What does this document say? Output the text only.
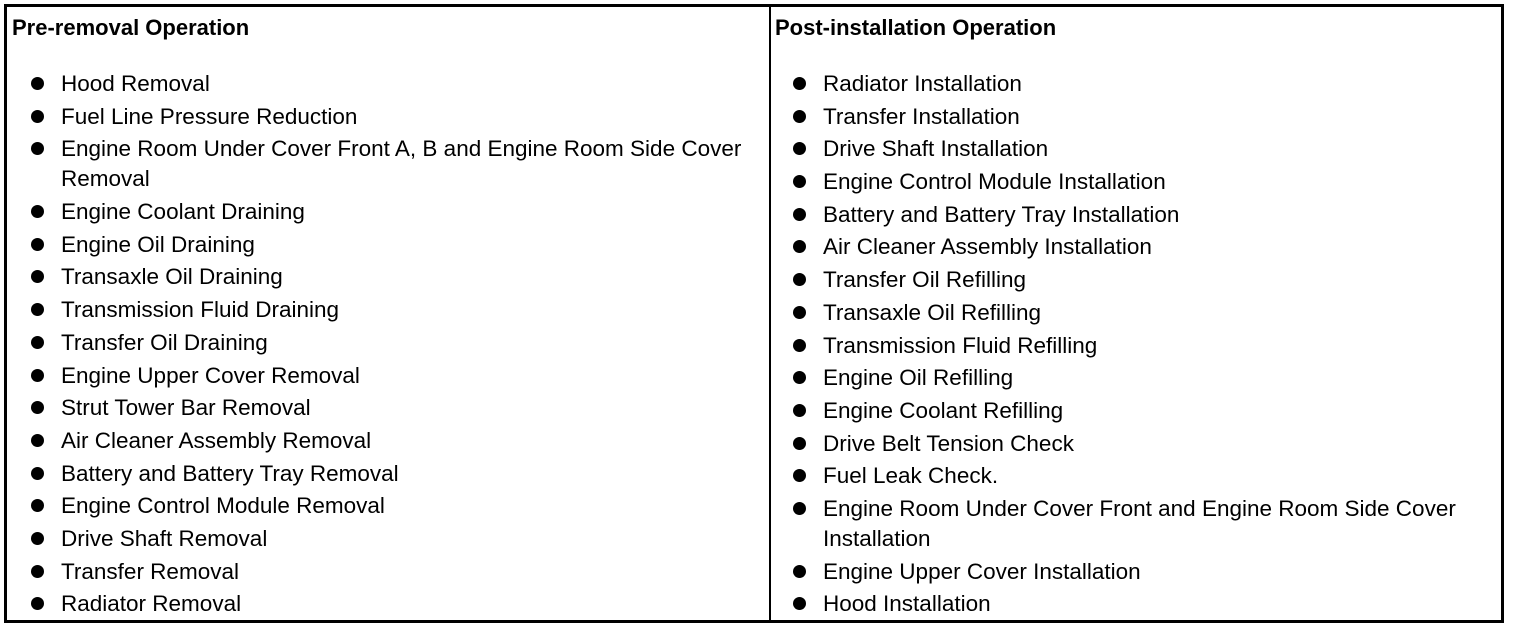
Pre-removal Operation
Hood Removal
Fuel Line Pressure Reduction
Engine Room Under Cover Front A, B and Engine Room Side Cover Removal
Engine Coolant Draining
Engine Oil Draining
Transaxle Oil Draining
Transmission Fluid Draining
Transfer Oil Draining
Engine Upper Cover Removal
Strut Tower Bar Removal
Air Cleaner Assembly Removal
Battery and Battery Tray Removal
Engine Control Module Removal
Drive Shaft Removal
Transfer Removal
Radiator Removal
Post-installation Operation
Radiator Installation
Transfer Installation
Drive Shaft Installation
Engine Control Module Installation
Battery and Battery Tray Installation
Air Cleaner Assembly Installation
Transfer Oil Refilling
Transaxle Oil Refilling
Transmission Fluid Refilling
Engine Oil Refilling
Engine Coolant Refilling
Drive Belt Tension Check
Fuel Leak Check.
Engine Room Under Cover Front and Engine Room Side Cover Installation
Engine Upper Cover Installation
Hood Installation
